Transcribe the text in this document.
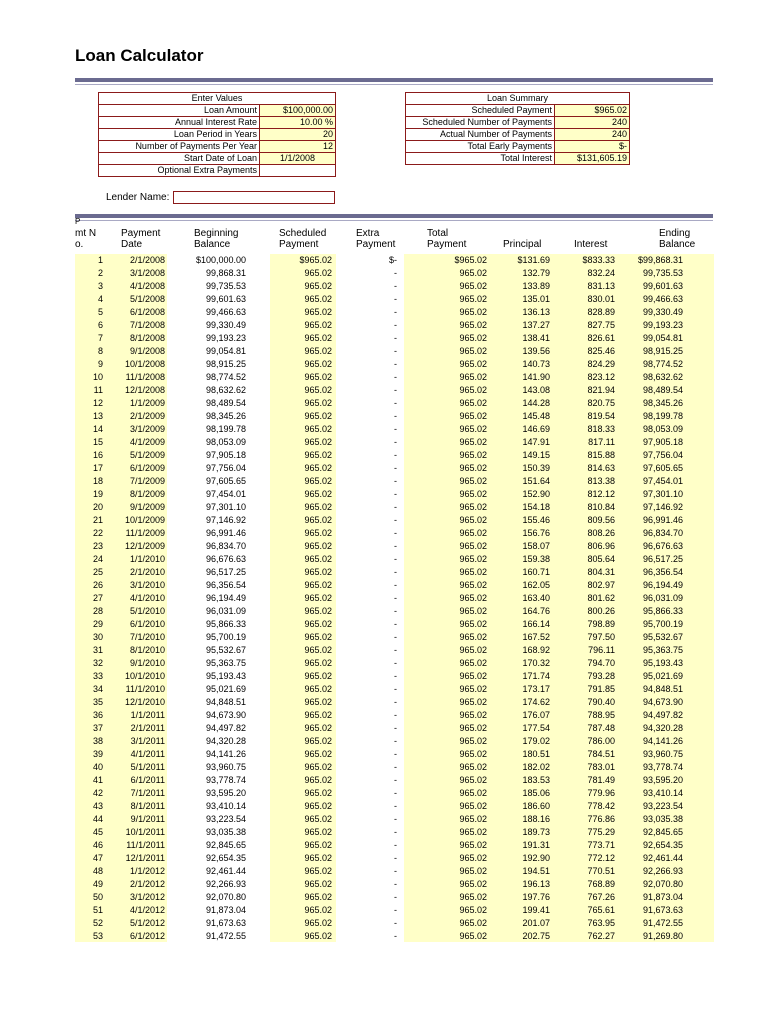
Loan Calculator
Enter Values	
Loan Amount	$100,000.00
Annual Interest Rate	10.00 %
Loan Period in Years	20
Number of Payments Per Year	12
Start Date of Loan	1/1/2008
Optional Extra Payments	
Loan Summary	
Scheduled Payment	$965.02
Scheduled Number of Payments	240
Actual Number of Payments	240
Total Early Payments	$-
Total Interest	$131,605.19
Lender Name:
P
mt N
o.
Payment
Date
Beginning
Balance
Scheduled
Payment
Extra
Payment
Total
Payment	Principal	Interest
Ending
Balance
1	2/1/2008	$100,000.00	$965.02	$-	$965.02	$131.69	$833.33	$99,868.31
2	3/1/2008	99,868.31	965.02	-	965.02	132.79	832.24	99,735.53
3	4/1/2008	99,735.53	965.02	-	965.02	133.89	831.13	99,601.63
4	5/1/2008	99,601.63	965.02	-	965.02	135.01	830.01	99,466.63
5	6/1/2008	99,466.63	965.02	-	965.02	136.13	828.89	99,330.49
6	7/1/2008	99,330.49	965.02	-	965.02	137.27	827.75	99,193.23
7	8/1/2008	99,193.23	965.02	-	965.02	138.41	826.61	99,054.81
8	9/1/2008	99,054.81	965.02	-	965.02	139.56	825.46	98,915.25
9	10/1/2008	98,915.25	965.02	-	965.02	140.73	824.29	98,774.52
10	11/1/2008	98,774.52	965.02	-	965.02	141.90	823.12	98,632.62
11	12/1/2008	98,632.62	965.02	-	965.02	143.08	821.94	98,489.54
12	1/1/2009	98,489.54	965.02	-	965.02	144.28	820.75	98,345.26
13	2/1/2009	98,345.26	965.02	-	965.02	145.48	819.54	98,199.78
14	3/1/2009	98,199.78	965.02	-	965.02	146.69	818.33	98,053.09
15	4/1/2009	98,053.09	965.02	-	965.02	147.91	817.11	97,905.18
16	5/1/2009	97,905.18	965.02	-	965.02	149.15	815.88	97,756.04
17	6/1/2009	97,756.04	965.02	-	965.02	150.39	814.63	97,605.65
18	7/1/2009	97,605.65	965.02	-	965.02	151.64	813.38	97,454.01
19	8/1/2009	97,454.01	965.02	-	965.02	152.90	812.12	97,301.10
20	9/1/2009	97,301.10	965.02	-	965.02	154.18	810.84	97,146.92
21	10/1/2009	97,146.92	965.02	-	965.02	155.46	809.56	96,991.46
22	11/1/2009	96,991.46	965.02	-	965.02	156.76	808.26	96,834.70
23	12/1/2009	96,834.70	965.02	-	965.02	158.07	806.96	96,676.63
24	1/1/2010	96,676.63	965.02	-	965.02	159.38	805.64	96,517.25
25	2/1/2010	96,517.25	965.02	-	965.02	160.71	804.31	96,356.54
26	3/1/2010	96,356.54	965.02	-	965.02	162.05	802.97	96,194.49
27	4/1/2010	96,194.49	965.02	-	965.02	163.40	801.62	96,031.09
28	5/1/2010	96,031.09	965.02	-	965.02	164.76	800.26	95,866.33
29	6/1/2010	95,866.33	965.02	-	965.02	166.14	798.89	95,700.19
30	7/1/2010	95,700.19	965.02	-	965.02	167.52	797.50	95,532.67
31	8/1/2010	95,532.67	965.02	-	965.02	168.92	796.11	95,363.75
32	9/1/2010	95,363.75	965.02	-	965.02	170.32	794.70	95,193.43
33	10/1/2010	95,193.43	965.02	-	965.02	171.74	793.28	95,021.69
34	11/1/2010	95,021.69	965.02	-	965.02	173.17	791.85	94,848.51
35	12/1/2010	94,848.51	965.02	-	965.02	174.62	790.40	94,673.90
36	1/1/2011	94,673.90	965.02	-	965.02	176.07	788.95	94,497.82
37	2/1/2011	94,497.82	965.02	-	965.02	177.54	787.48	94,320.28
38	3/1/2011	94,320.28	965.02	-	965.02	179.02	786.00	94,141.26
39	4/1/2011	94,141.26	965.02	-	965.02	180.51	784.51	93,960.75
40	5/1/2011	93,960.75	965.02	-	965.02	182.02	783.01	93,778.74
41	6/1/2011	93,778.74	965.02	-	965.02	183.53	781.49	93,595.20
42	7/1/2011	93,595.20	965.02	-	965.02	185.06	779.96	93,410.14
43	8/1/2011	93,410.14	965.02	-	965.02	186.60	778.42	93,223.54
44	9/1/2011	93,223.54	965.02	-	965.02	188.16	776.86	93,035.38
45	10/1/2011	93,035.38	965.02	-	965.02	189.73	775.29	92,845.65
46	11/1/2011	92,845.65	965.02	-	965.02	191.31	773.71	92,654.35
47	12/1/2011	92,654.35	965.02	-	965.02	192.90	772.12	92,461.44
48	1/1/2012	92,461.44	965.02	-	965.02	194.51	770.51	92,266.93
49	2/1/2012	92,266.93	965.02	-	965.02	196.13	768.89	92,070.80
50	3/1/2012	92,070.80	965.02	-	965.02	197.76	767.26	91,873.04
51	4/1/2012	91,873.04	965.02	-	965.02	199.41	765.61	91,673.63
52	5/1/2012	91,673.63	965.02	-	965.02	201.07	763.95	91,472.55
53	6/1/2012	91,472.55	965.02	-	965.02	202.75	762.27	91,269.80
